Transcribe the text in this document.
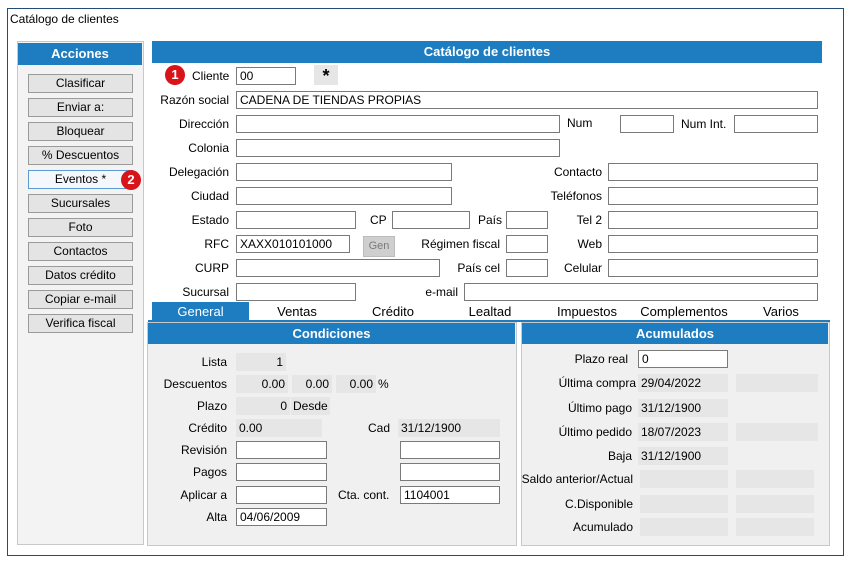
Catálogo de clientes
Acciones
Clasificar
Enviar a:
Bloquear
% Descuentos
Eventos *
Sucursales
Foto
Contactos
Datos crédito
Copiar e-mail
Verifica fiscal
2
Catálogo de clientes
1	Cliente 00	*
Razón social CADENA DE TIENDAS PROPIAS
Dirección	Num	Num Int.
Colonia
Delegación	Contacto
Ciudad	Teléfonos
Estado	CP	País	Tel 2
RFC XAXX010101000	Gen	Régimen fiscal	Web
CURP	País cel	Celular
Sucursal	e-mail
General	Ventas	Crédito	Lealtad	Impuestos	Complementos	Varios
Condiciones
Lista	1
Descuentos	0.00	0.00	0.00 %
Plazo	0 Desde
Crédito 0.00	Cad 31/12/1900
Revisión
Pagos
Aplicar a	Cta. cont.	1104001
Alta	04/06/2009
Acumulados
Plazo real	0
Última compra 29/04/2022
Último pago 31/12/1900
Último pedido 18/07/2023
Baja 31/12/1900
Saldo anterior/Actual
C.Disponible
Acumulado
